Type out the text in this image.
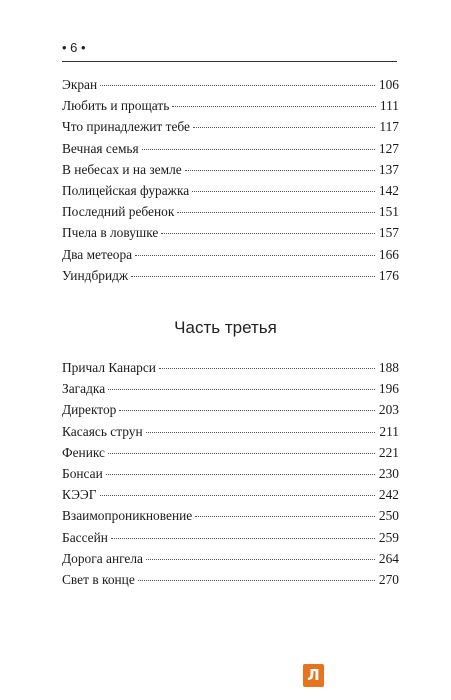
• 6 •
Экран	106
Любить и прощать	111
Что принадлежит тебе	117
Вечная семья	127
В небесах и на земле	137
Полицейская фуражка	142
Последний ребенок	151
Пчела в ловушке	157
Два метеора	166
Уиндбридж	176
Часть третья
Причал Канарси	188
Загадка	196
Директор	203
Касаясь струн	211
Феникс	221
Бонсаи	230
КЭЭГ	242
Взаимопроникновение	250
Бассейн	259
Дорога ангела	264
Свет в конце	270
Л
